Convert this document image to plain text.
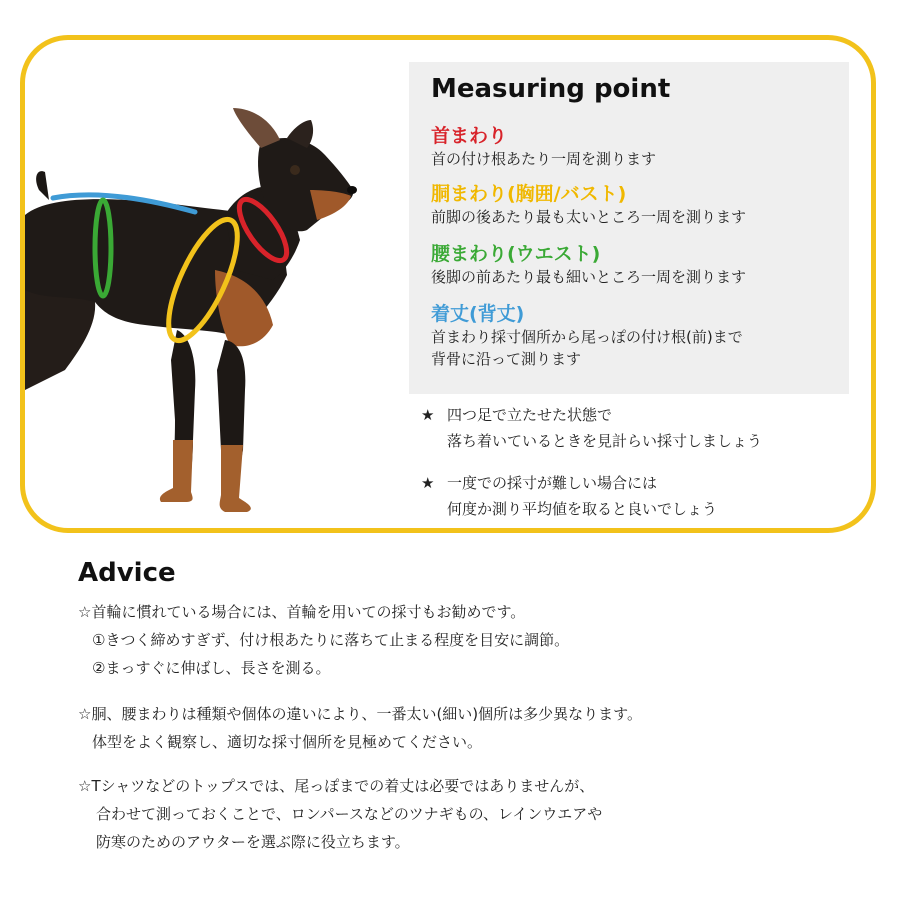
Measuring point
首まわり
首の付け根あたり一周を測ります
胴まわり(胸囲/バスト)
前脚の後あたり最も太いところ一周を測ります
腰まわり(ウエスト)
後脚の前あたり最も細いところ一周を測ります
着丈(背丈)
首まわり採寸個所から尾っぽの付け根(前)まで
背骨に沿って測ります
★ 四つ足で立たせた状態で
落ち着いているときを見計らい採寸しましょう
★ 一度での採寸が難しい場合には
何度か測り平均値を取ると良いでしょう
Advice
☆首輪に慣れている場合には、首輪を用いての採寸もお勧めです。
①きつく締めすぎず、付け根あたりに落ちて止まる程度を目安に調節。
②まっすぐに伸ばし、長さを測る。
☆胴、腰まわりは種類や個体の違いにより、一番太い(細い)個所は多少異なります。
体型をよく観察し、適切な採寸個所を見極めてください。
☆Tシャツなどのトップスでは、尾っぽまでの着丈は必要ではありませんが、
合わせて測っておくことで、ロンパースなどのツナギもの、レインウエアや
防寒のためのアウターを選ぶ際に役立ちます。
